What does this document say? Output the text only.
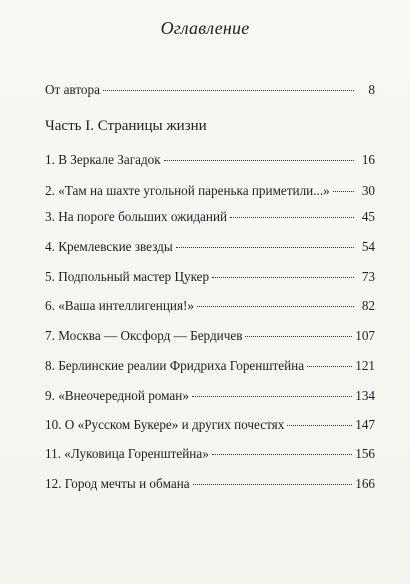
Оглавление
От автора	8
Часть I. Страницы жизни
1. В Зеркале Загадок	16
2. «Там на шахте угольной паренька приметили...»	30
3. На пороге больших ожиданий	45
4. Кремлевские звезды	54
5. Подпольный мастер Цукер	73
6. «Ваша интеллигенция!»	82
7. Москва — Оксфорд — Бердичев	107
8. Берлинские реалии Фридриха Горенштейна	121
9. «Внеочередной роман»	134
10. О «Русском Букере» и других почестях	147
11. «Луковица Горенштейна»	156
12. Город мечты и обмана	166
